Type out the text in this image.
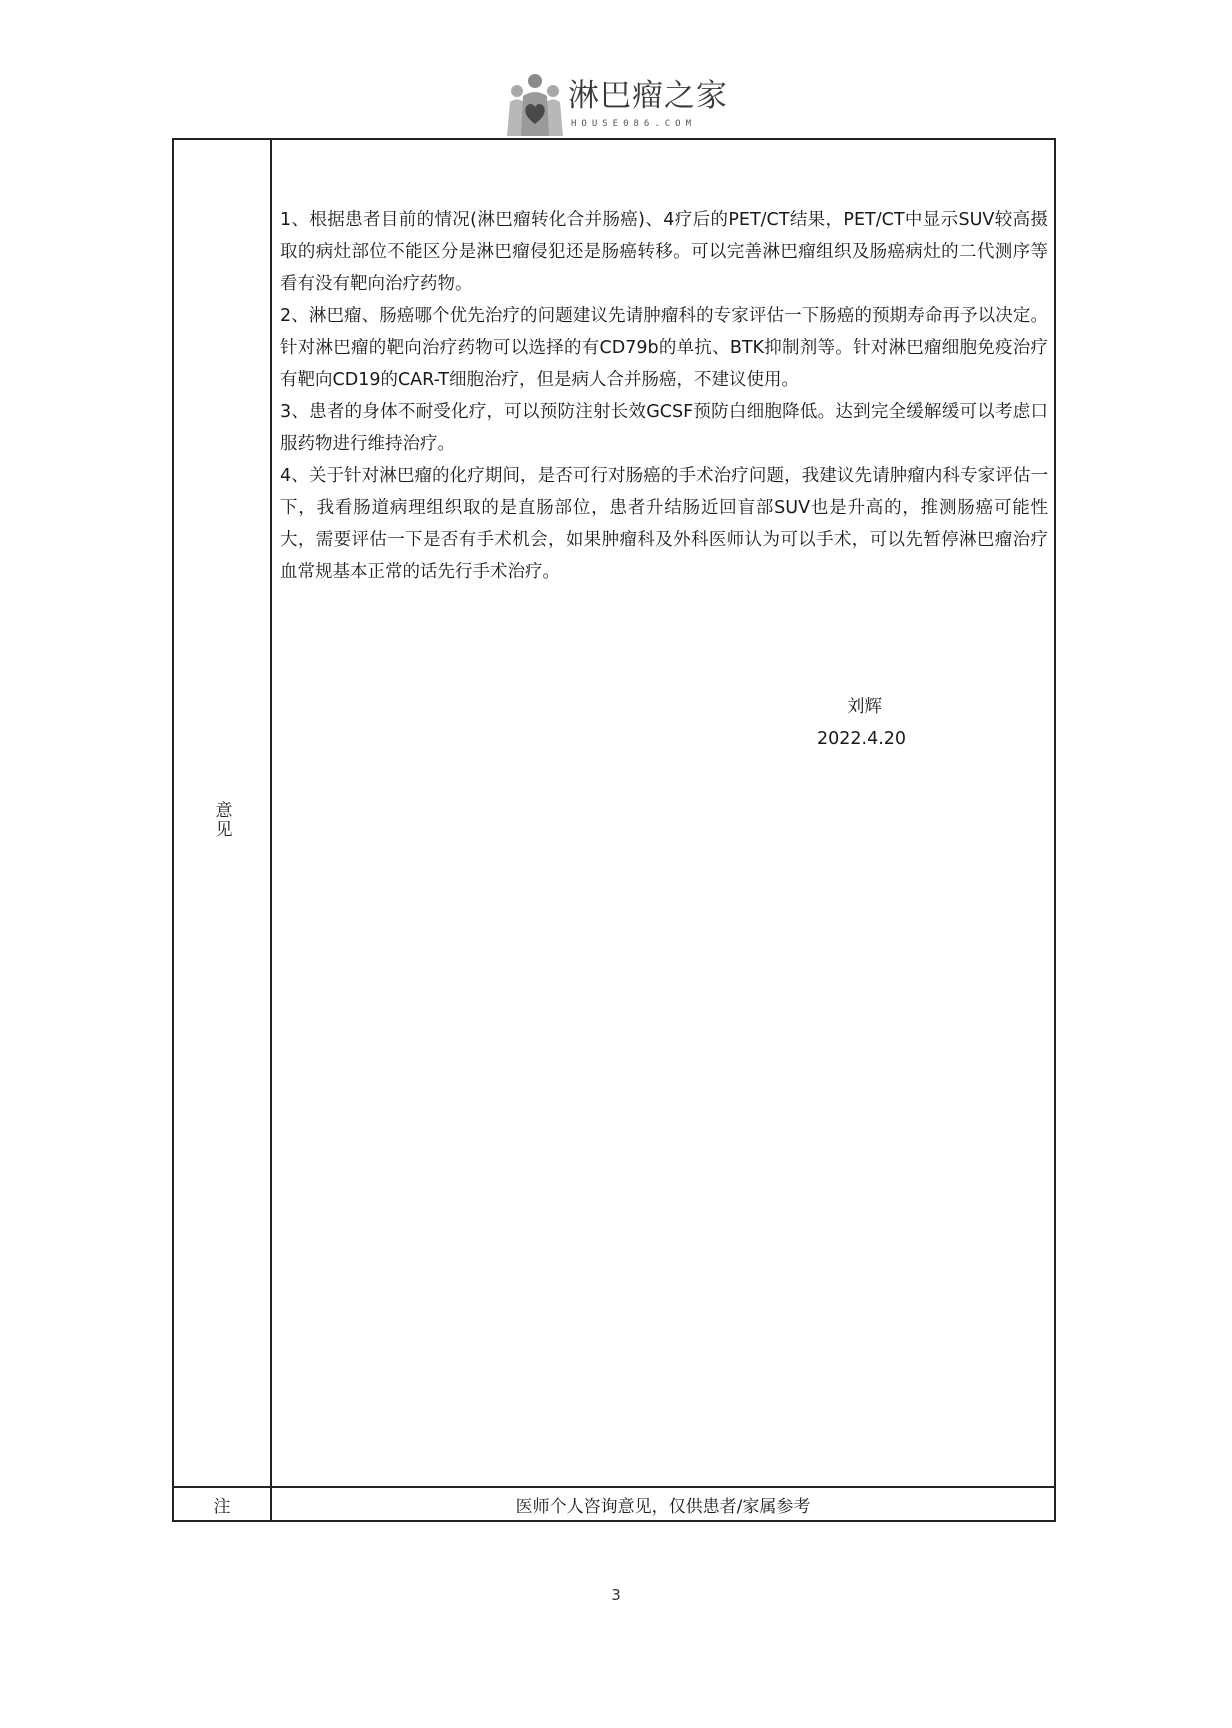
淋巴瘤之家
HOUSE086.COM
意见

1、根据患者目前的情况(淋巴瘤转化合并肠癌)、4疗后的PET/CT结果，PET/CT中显示SUV较高摄取的病灶部位不能区分是淋巴瘤侵犯还是肠癌转移。可以完善淋巴瘤组织及肠癌病灶的二代测序等看有没有靶向治疗药物。

2、淋巴瘤、肠癌哪个优先治疗的问题建议先请肿瘤科的专家评估一下肠癌的预期寿命再予以决定。针对淋巴瘤的靶向治疗药物可以选择的有CD79b的单抗、BTK抑制剂等。针对淋巴瘤细胞免疫治疗有靶向CD19的CAR-T细胞治疗，但是病人合并肠癌，不建议使用。

3、患者的身体不耐受化疗，可以预防注射长效GCSF预防白细胞降低。达到完全缓解缓可以考虑口服药物进行维持治疗。

4、关于针对淋巴瘤的化疗期间，是否可行对肠癌的手术治疗问题，我建议先请肿瘤内科专家评估一下，我看肠道病理组织取的是直肠部位，患者升结肠近回盲部SUV也是升高的，推测肠癌可能性大，需要评估一下是否有手术机会，如果肿瘤科及外科医师认为可以手术，可以先暂停淋巴瘤治疗血常规基本正常的话先行手术治疗。

刘辉
2022.4.20
注	医师个人咨询意见，仅供患者/家属参考
3
